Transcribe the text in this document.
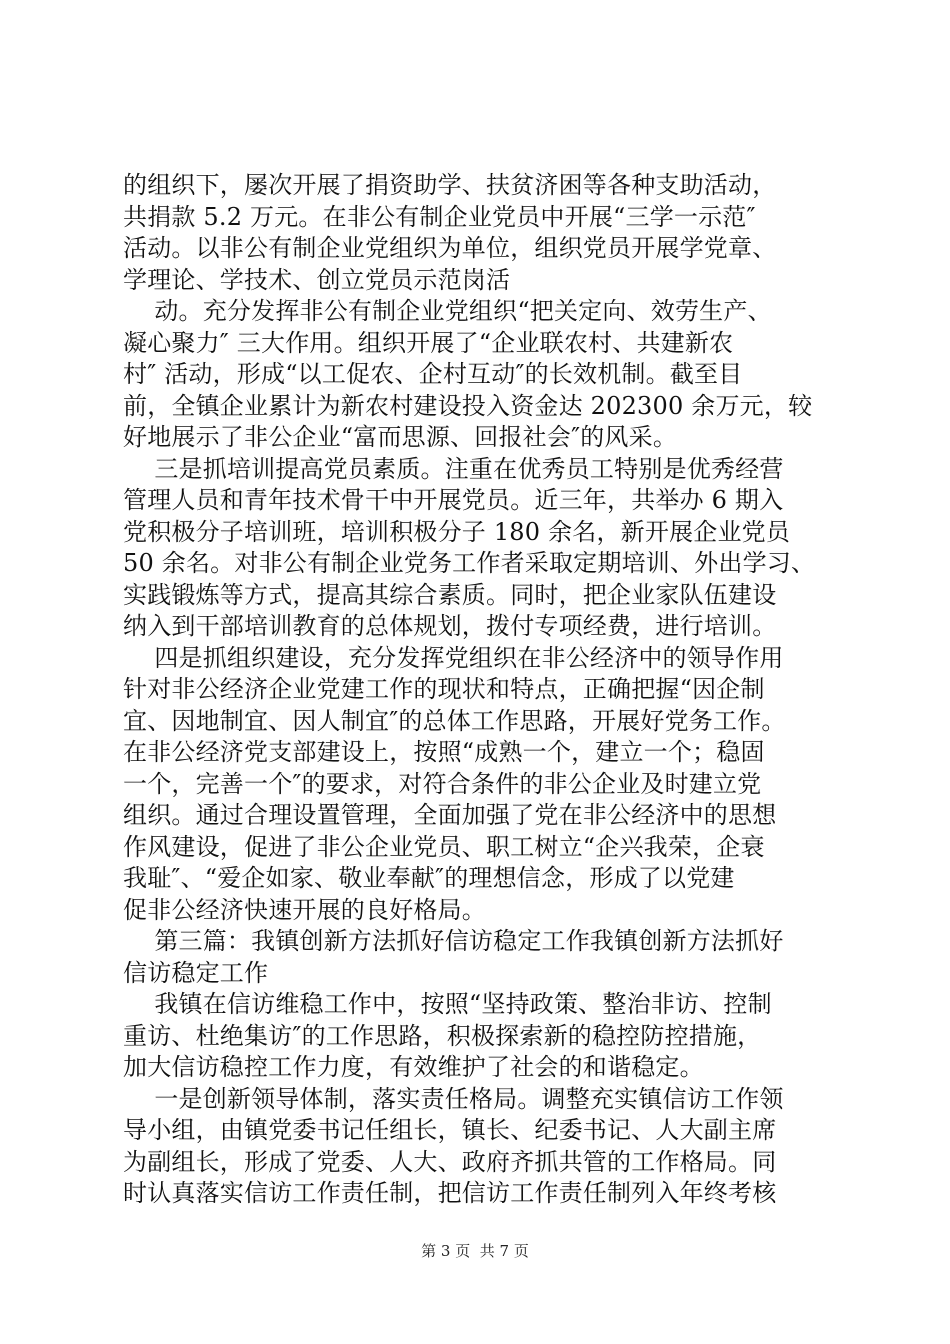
的组织下，屡次开展了捐资助学、扶贫济困等各种支助活动，
共捐款 5.2 万元。在非公有制企业党员中开展“三学一示范″
活动。以非公有制企业党组织为单位，组织党员开展学党章、
学理论、学技术、创立党员示范岗活
动。充分发挥非公有制企业党组织“把关定向、效劳生产、
凝心聚力″ 三大作用。组织开展了“企业联农村、共建新农
村″ 活动，形成“以工促农、企村互动″的长效机制。截至目
前，全镇企业累计为新农村建设投入资金达 202300 余万元，较
好地展示了非公企业“富而思源、回报社会″的风采。
三是抓培训提高党员素质。注重在优秀员工特别是优秀经营
管理人员和青年技术骨干中开展党员。近三年，共举办 6 期入
党积极分子培训班，培训积极分子 180 余名，新开展企业党员
50 余名。对非公有制企业党务工作者采取定期培训、外出学习、
实践锻炼等方式，提高其综合素质。同时，把企业家队伍建设
纳入到干部培训教育的总体规划，拨付专项经费，进行培训。
四是抓组织建设，充分发挥党组织在非公经济中的领导作用
针对非公经济企业党建工作的现状和特点，正确把握“因企制
宜、因地制宜、因人制宜″的总体工作思路，开展好党务工作。
在非公经济党支部建设上，按照“成熟一个，建立一个；稳固
一个，完善一个″的要求，对符合条件的非公企业及时建立党
组织。通过合理设置管理，全面加强了党在非公经济中的思想
作风建设，促进了非公企业党员、职工树立“企兴我荣，企衰
我耻″、“爱企如家、敬业奉献″的理想信念，形成了以党建
促非公经济快速开展的良好格局。
第三篇：我镇创新方法抓好信访稳定工作我镇创新方法抓好
信访稳定工作
我镇在信访维稳工作中，按照“坚持政策、整治非访、控制
重访、杜绝集访″的工作思路，积极探索新的稳控防控措施，
加大信访稳控工作力度，有效维护了社会的和谐稳定。
一是创新领导体制，落实责任格局。调整充实镇信访工作领
导小组，由镇党委书记任组长，镇长、纪委书记、人大副主席
为副组长，形成了党委、人大、政府齐抓共管的工作格局。同
时认真落实信访工作责任制，把信访工作责任制列入年终考核
第 3 页  共 7 页
